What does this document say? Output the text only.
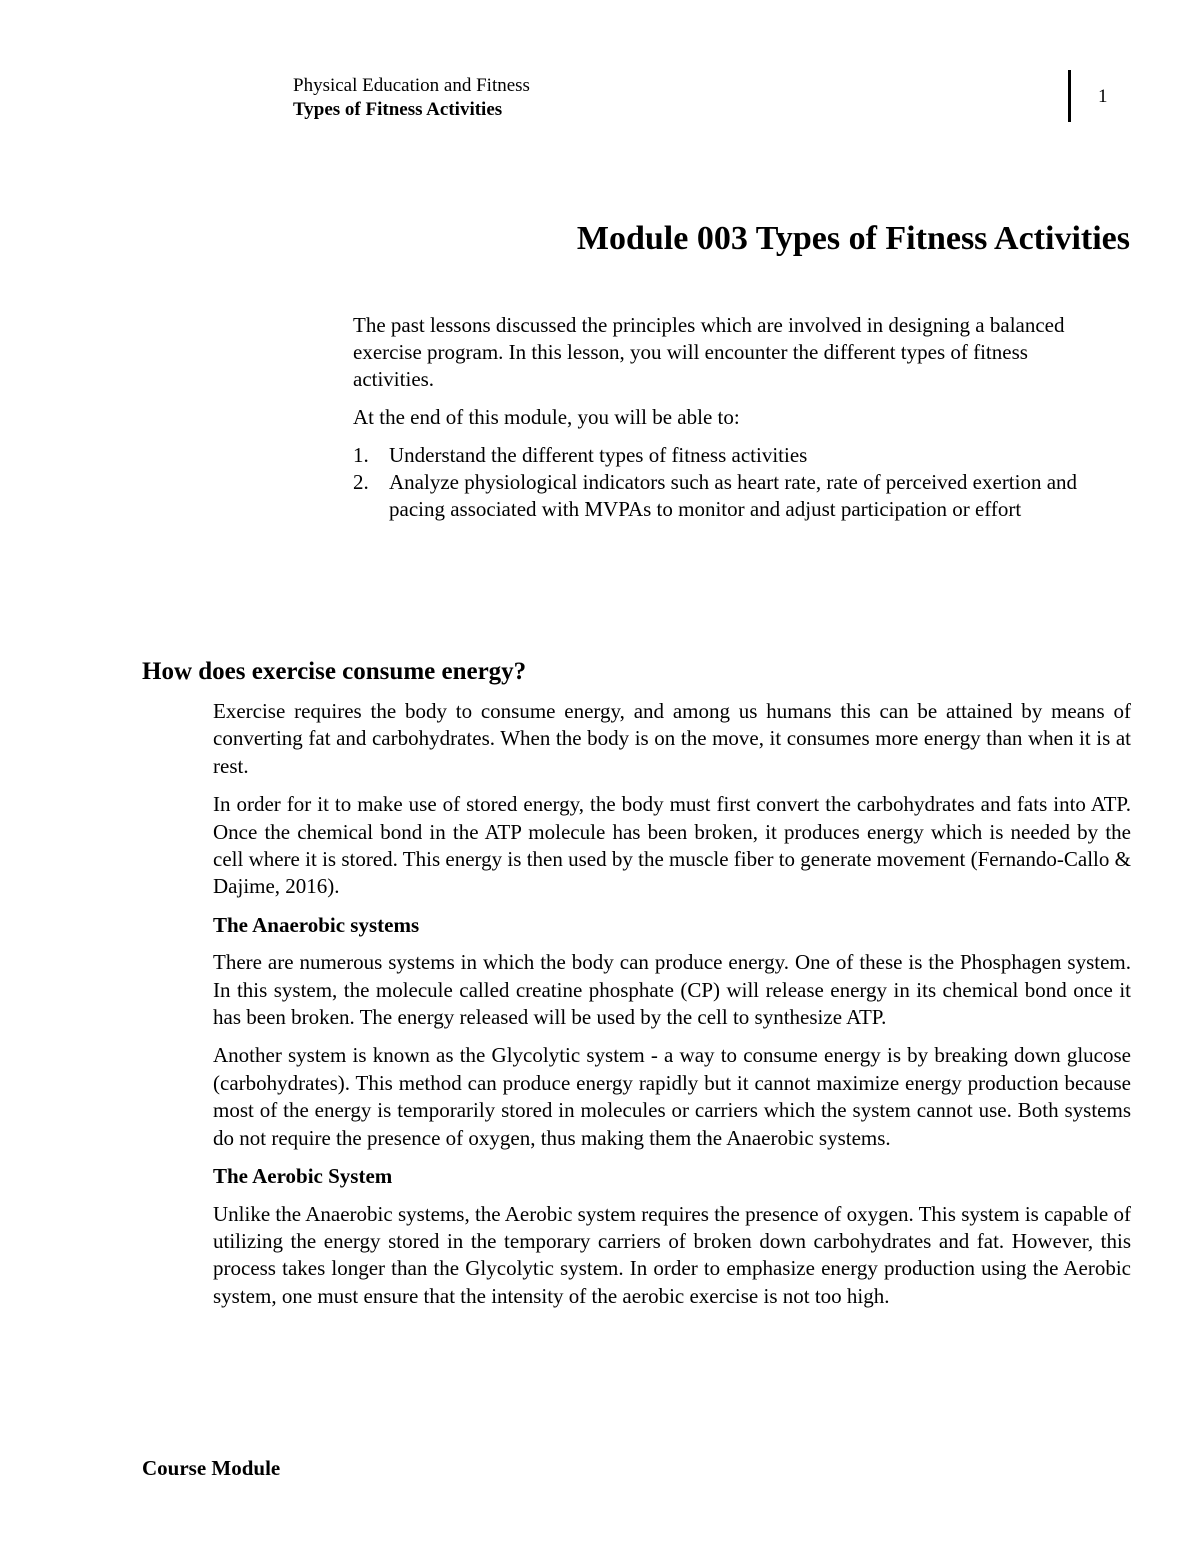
Physical Education and Fitness
Types of Fitness Activities
1
Module 003 Types of Fitness Activities

The past lessons discussed the principles which are involved in designing a balanced exercise program. In this lesson, you will encounter the different types of fitness activities.

At the end of this module, you will be able to:

1. Understand the different types of fitness activities
2. Analyze physiological indicators such as heart rate, rate of perceived exertion and pacing associated with MVPAs to monitor and adjust participation or effort
How does exercise consume energy?

Exercise requires the body to consume energy, and among us humans this can be attained by means of converting fat and carbohydrates. When the body is on the move, it consumes more energy than when it is at rest.

In order for it to make use of stored energy, the body must first convert the carbohydrates and fats into ATP. Once the chemical bond in the ATP molecule has been broken, it produces energy which is needed by the cell where it is stored. This energy is then used by the muscle fiber to generate movement (Fernando-Callo & Dajime, 2016).

The Anaerobic systems

There are numerous systems in which the body can produce energy. One of these is the Phosphagen system. In this system, the molecule called creatine phosphate (CP) will release energy in its chemical bond once it has been broken. The energy released will be used by the cell to synthesize ATP.

Another system is known as the Glycolytic system - a way to consume energy is by breaking down glucose (carbohydrates). This method can produce energy rapidly but it cannot maximize energy production because most of the energy is temporarily stored in molecules or carriers which the system cannot use. Both systems do not require the presence of oxygen, thus making them the Anaerobic systems.

The Aerobic System

Unlike the Anaerobic systems, the Aerobic system requires the presence of oxygen. This system is capable of utilizing the energy stored in the temporary carriers of broken down carbohydrates and fat. However, this process takes longer than the Glycolytic system. In order to emphasize energy production using the Aerobic system, one must ensure that the intensity of the aerobic exercise is not too high.

Course Module
